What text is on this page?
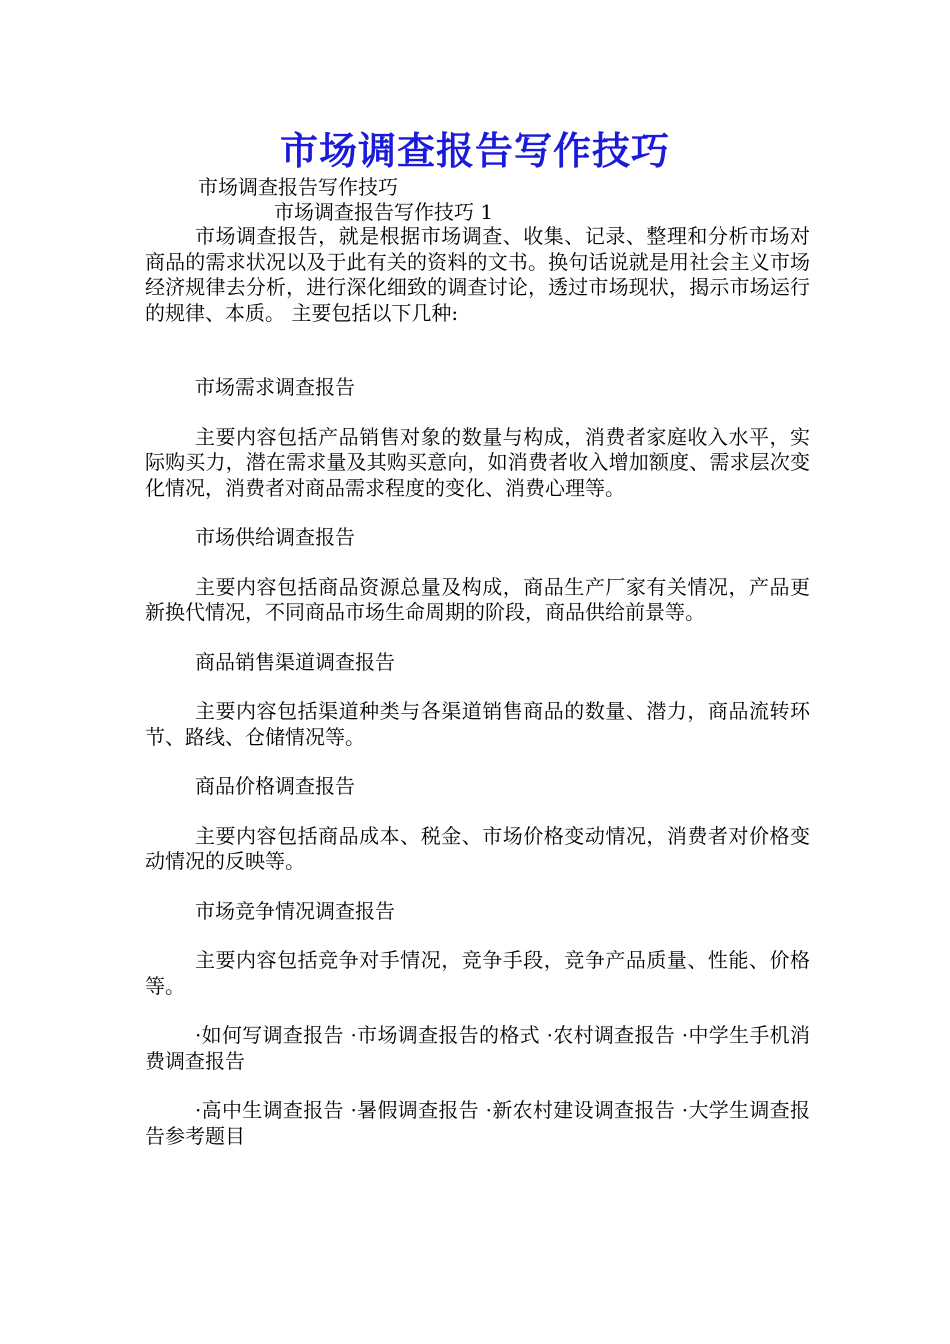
市场调查报告写作技巧
市场调查报告写作技巧
市场调查报告写作技巧 1

市场调查报告，就是根据市场调查、收集、记录、整理和分析市场对商品的需求状况以及于此有关的资料的文书。换句话说就是用社会主义市场经济规律去分析，进行深化细致的调查讨论，透过市场现状，揭示市场运行的规律、本质。 主要包括以下几种:

市场需求调查报告

主要内容包括产品销售对象的数量与构成，消费者家庭收入水平，实际购买力，潜在需求量及其购买意向，如消费者收入增加额度、需求层次变化情况，消费者对商品需求程度的变化、消费心理等。

市场供给调查报告

主要内容包括商品资源总量及构成，商品生产厂家有关情况，产品更新换代情况，不同商品市场生命周期的阶段，商品供给前景等。

商品销售渠道调查报告

主要内容包括渠道种类与各渠道销售商品的数量、潜力，商品流转环节、路线、仓储情况等。

商品价格调查报告

主要内容包括商品成本、税金、市场价格变动情况，消费者对价格变动情况的反映等。

市场竞争情况调查报告

主要内容包括竞争对手情况，竞争手段，竞争产品质量、性能、价格等。

·如何写调查报告 ·市场调查报告的格式 ·农村调查报告 ·中学生手机消费调查报告

·高中生调查报告 ·暑假调查报告 ·新农村建设调查报告 ·大学生调查报告参考题目
